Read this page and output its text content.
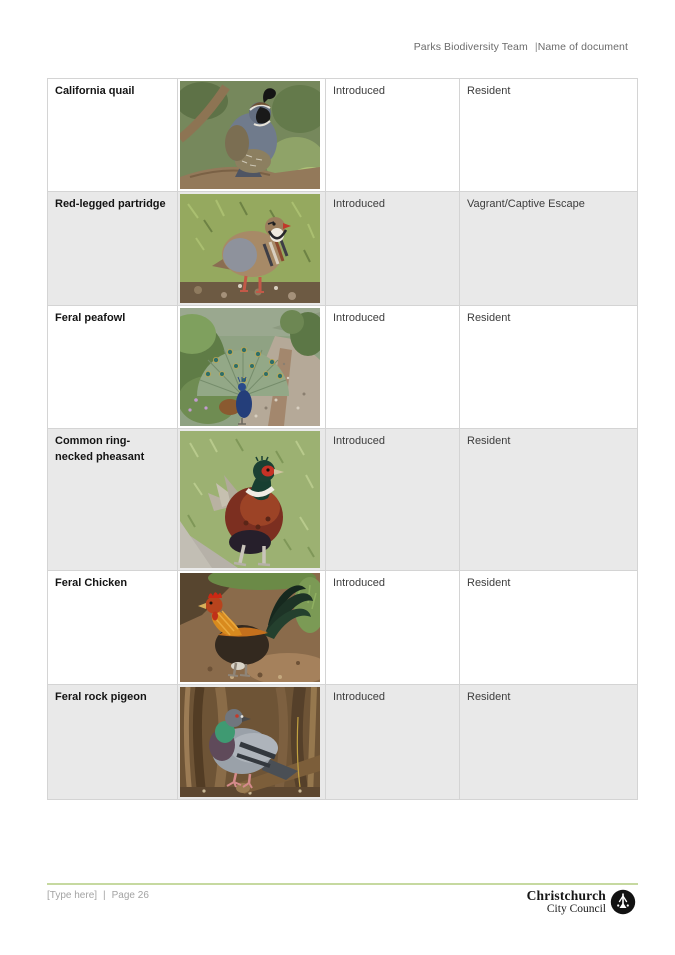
Parks Biodiversity Team |Name of document
California quail		Introduced	Resident

Red-legged partridge		Introduced	Vagrant/Captive Escape

Feral peafowl		Introduced	Resident

Common ring-necked pheasant		Introduced	Resident

Feral Chicken		Introduced	Resident

Feral rock pigeon		Introduced	Resident
[Type here] | Page 26	Christchurch
City Council
